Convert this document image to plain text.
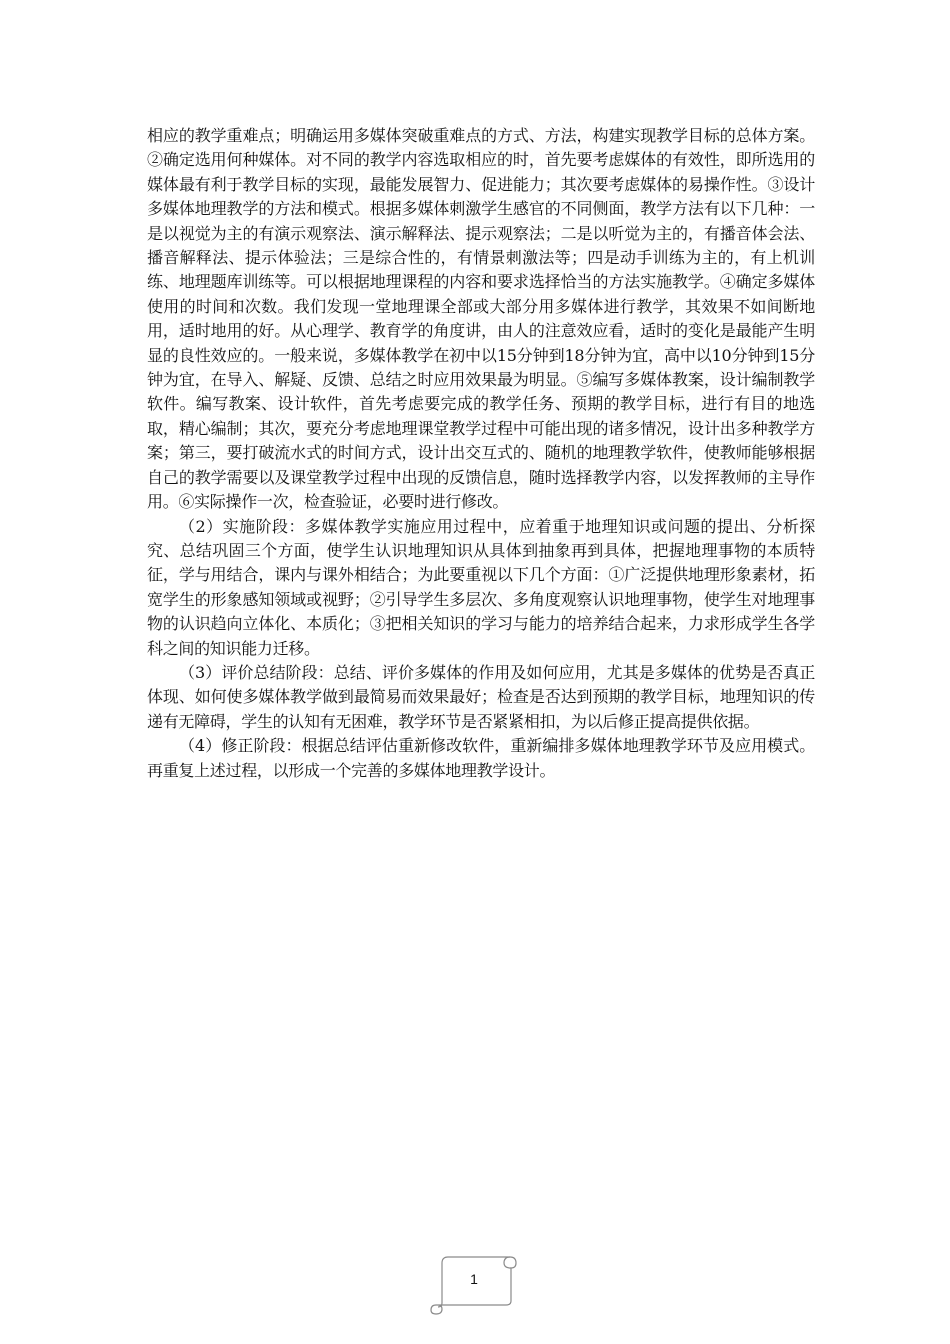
相应的教学重难点；明确运用多媒体突破重难点的方式、方法，构建实现教学目标的总体方案。②确定选用何种媒体。对不同的教学内容选取相应的时，首先要考虑媒体的有效性，即所选用的媒体最有利于教学目标的实现，最能发展智力、促进能力；其次要考虑媒体的易操作性。③设计多媒体地理教学的方法和模式。根据多媒体刺激学生感官的不同侧面，教学方法有以下几种：一是以视觉为主的有演示观察法、演示解释法、提示观察法；二是以听觉为主的，有播音体会法、播音解释法、提示体验法；三是综合性的，有情景刺激法等；四是动手训练为主的，有上机训练、地理题库训练等。可以根据地理课程的内容和要求选择恰当的方法实施教学。④确定多媒体使用的时间和次数。我们发现一堂地理课全部或大部分用多媒体进行教学，其效果不如间断地用，适时地用的好。从心理学、教育学的角度讲，由人的注意效应看，适时的变化是最能产生明显的良性效应的。一般来说，多媒体教学在初中以15分钟到18分钟为宜，高中以10分钟到15分钟为宜，在导入、解疑、反馈、总结之时应用效果最为明显。⑤编写多媒体教案，设计编制教学软件。编写教案、设计软件，首先考虑要完成的教学任务、预期的教学目标，进行有目的地选取，精心编制；其次，要充分考虑地理课堂教学过程中可能出现的诸多情况，设计出多种教学方案；第三，要打破流水式的时间方式，设计出交互式的、随机的地理教学软件，使教师能够根据自己的教学需要以及课堂教学过程中出现的反馈信息，随时选择教学内容，以发挥教师的主导作用。⑥实际操作一次，检查验证，必要时进行修改。

（2）实施阶段：多媒体教学实施应用过程中，应着重于地理知识或问题的提出、分析探究、总结巩固三个方面，使学生认识地理知识从具体到抽象再到具体，把握地理事物的本质特征，学与用结合，课内与课外相结合；为此要重视以下几个方面：①广泛提供地理形象素材，拓宽学生的形象感知领域或视野；②引导学生多层次、多角度观察认识地理事物，使学生对地理事物的认识趋向立体化、本质化；③把相关知识的学习与能力的培养结合起来，力求形成学生各学科之间的知识能力迁移。

（3）评价总结阶段：总结、评价多媒体的作用及如何应用，尤其是多媒体的优势是否真正体现、如何使多媒体教学做到最简易而效果最好；检查是否达到预期的教学目标，地理知识的传递有无障碍，学生的认知有无困难，教学环节是否紧紧相扣，为以后修正提高提供依据。

（4）修正阶段：根据总结评估重新修改软件，重新编排多媒体地理教学环节及应用模式。再重复上述过程，以形成一个完善的多媒体地理教学设计。

1
